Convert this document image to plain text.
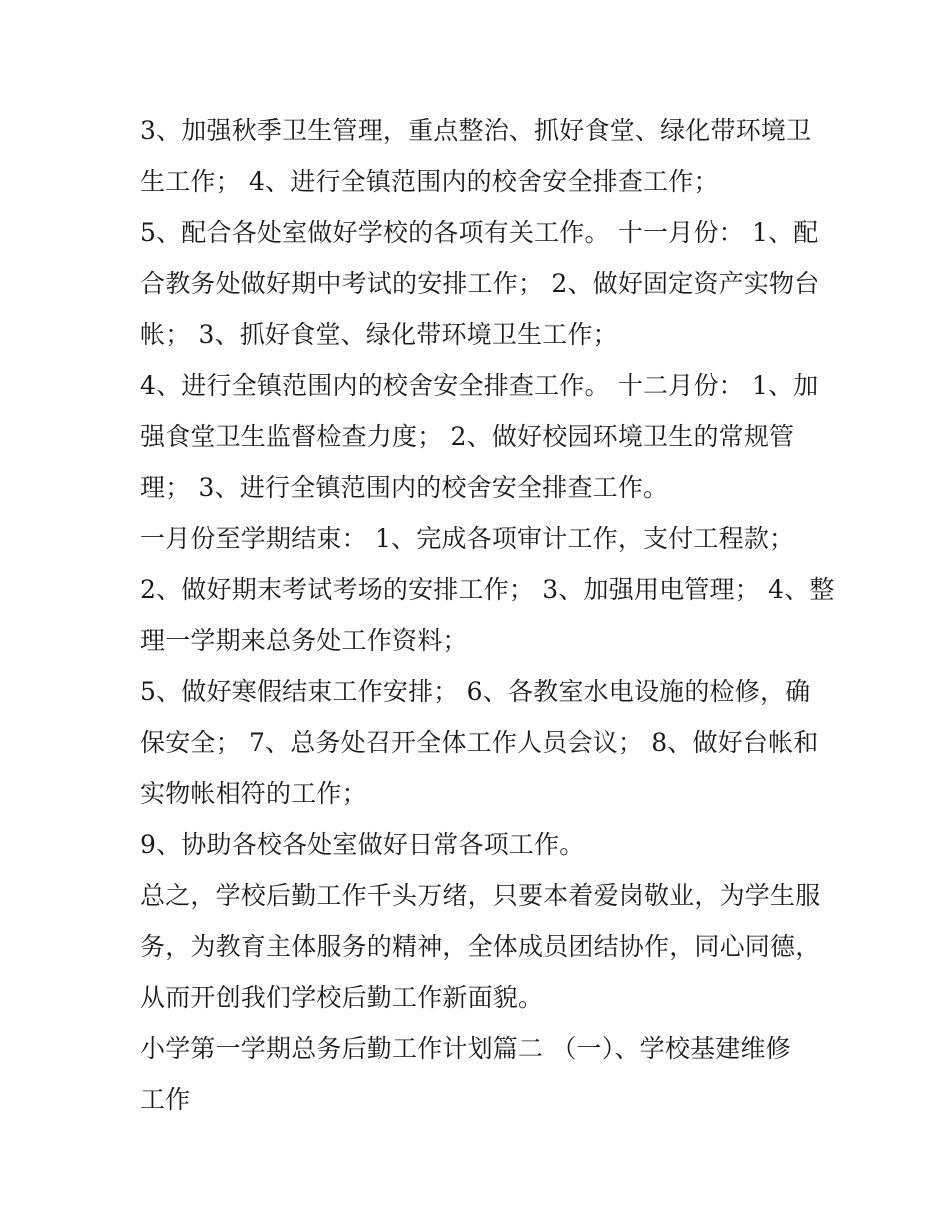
3、加强秋季卫生管理，重点整治、抓好食堂、绿化带环境卫
生工作； 4、进行全镇范围内的校舍安全排查工作；
5、配合各处室做好学校的各项有关工作。 十一月份： 1、配
合教务处做好期中考试的安排工作； 2、做好固定资产实物台
帐； 3、抓好食堂、绿化带环境卫生工作；
4、进行全镇范围内的校舍安全排查工作。 十二月份： 1、加
强食堂卫生监督检查力度； 2、做好校园环境卫生的常规管
理； 3、进行全镇范围内的校舍安全排查工作。
一月份至学期结束： 1、完成各项审计工作，支付工程款；
2、做好期末考试考场的安排工作； 3、加强用电管理； 4、整
理一学期来总务处工作资料；
5、做好寒假结束工作安排； 6、各教室水电设施的检修，确
保安全； 7、总务处召开全体工作人员会议； 8、做好台帐和
实物帐相符的工作；
9、协助各校各处室做好日常各项工作。
总之，学校后勤工作千头万绪，只要本着爱岗敬业，为学生服
务，为教育主体服务的精神，全体成员团结协作，同心同德，
从而开创我们学校后勤工作新面貌。
小学第一学期总务后勤工作计划篇二 （一）、学校基建维修
工作
